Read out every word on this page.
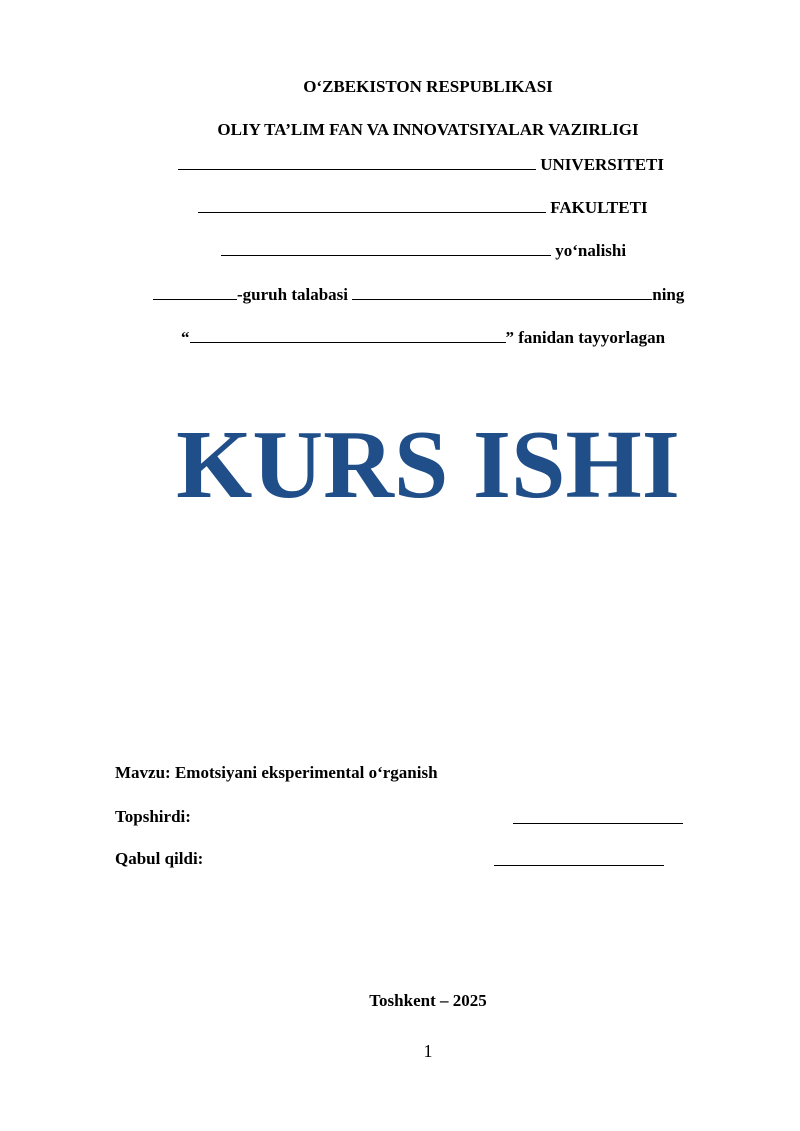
O‘ZBEKISTON RESPUBLIKASI
OLIY TA’LIM FAN VA INNOVATSIYALAR VAZIRLIGI
UNIVERSITETI
FAKULTETI
yo‘nalishi
-guruh talabasi	ning
“	” fanidan tayyorlagan
KURS ISHI
Mavzu: Emotsiyani eksperimental o‘rganish
Topshirdi:
Qabul qildi:
Toshkent – 2025
1
